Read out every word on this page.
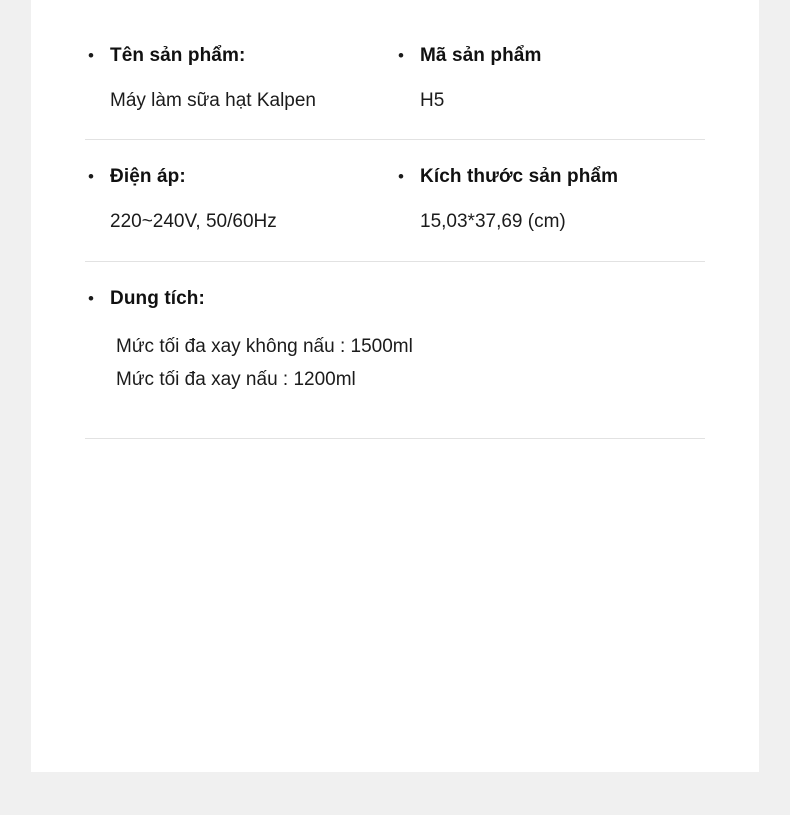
•
Tên sản phẩm:
Máy làm sữa hạt Kalpen
•
Mã sản phẩm
H5
•
Điện áp:
220~240V, 50/60Hz
•
Kích thước sản phẩm
15,03*37,69 (cm)
•
Dung tích:
Mức tối đa xay không nấu : 1500ml
Mức tối đa xay nấu : 1200ml
